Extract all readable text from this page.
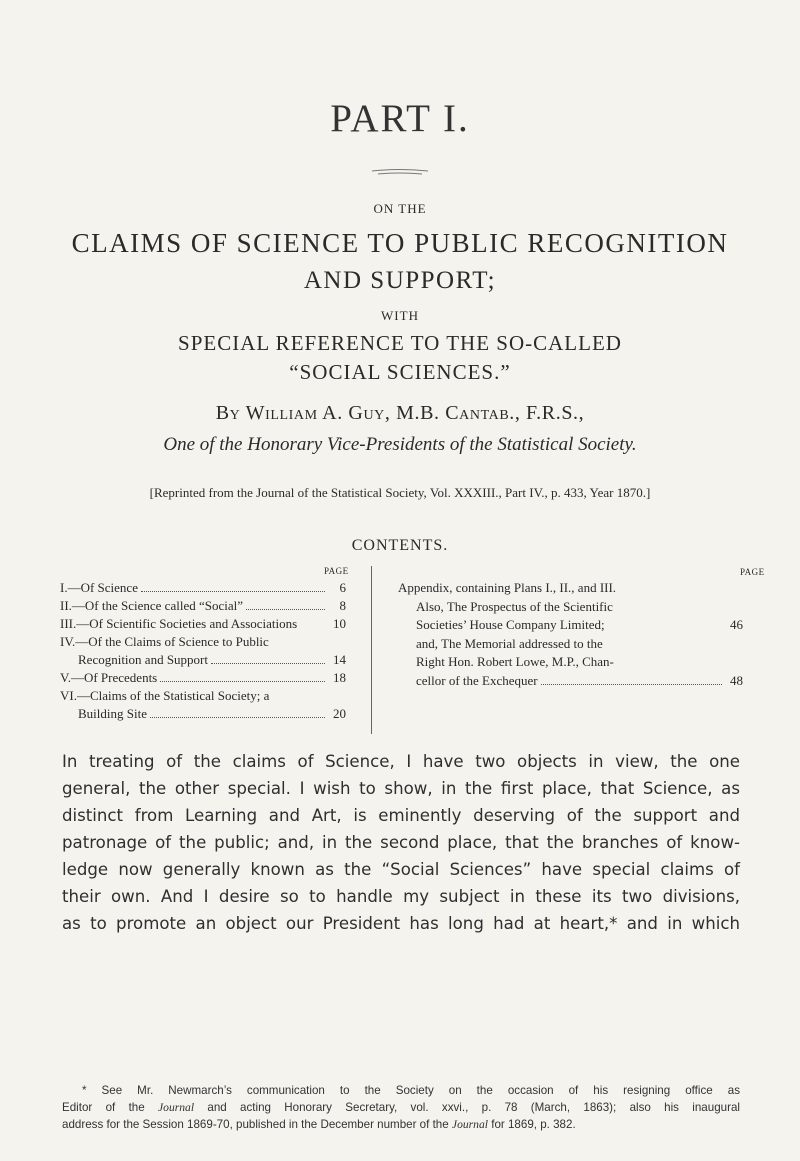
PART I.
ON THE
CLAIMS OF SCIENCE TO PUBLIC RECOGNITION
AND SUPPORT;
WITH
SPECIAL REFERENCE TO THE SO-CALLED
“SOCIAL SCIENCES.”
By William A. Guy, M.B. Cantab., F.R.S.,
One of the Honorary Vice-Presidents of the Statistical Society.
[Reprinted from the Journal of the Statistical Society, Vol. XXXIII., Part IV., p. 433, Year 1870.]
CONTENTS.
PAGE	PAGE
I.—Of Science	6
II.—Of the Science called “Social”	8
III.—Of Scientific Societies and Associations	10
IV.—Of the Claims of Science to Public
Recognition and Support	14
V.—Of Precedents	18
VI.—Claims of the Statistical Society; a
Building Site	20
Appendix, containing Plans I., II., and III.
Also, The Prospectus of the Scientific
Societies’ House Company Limited;	46
and, The Memorial addressed to the
Right Hon. Robert Lowe, M.P., Chan-
cellor of the Exchequer	48
In treating of the claims of Science, I have two objects in view, the one
general, the other special. I wish to show, in the first place, that Science, as
distinct from Learning and Art, is eminently deserving of the support and
patronage of the public; and, in the second place, that the branches of know-
ledge now generally known as the “Social Sciences” have special claims of
their own. And I desire so to handle my subject in these its two divisions,
as to promote an object our President has long had at heart,* and in which
* See Mr. Newmarch’s communication to the Society on the occasion of his resigning office as
Editor of the Journal and acting Honorary Secretary, vol. xxvi., p. 78 (March, 1863); also his inaugural
address for the Session 1869-70, published in the December number of the Journal for 1869, p. 382.
